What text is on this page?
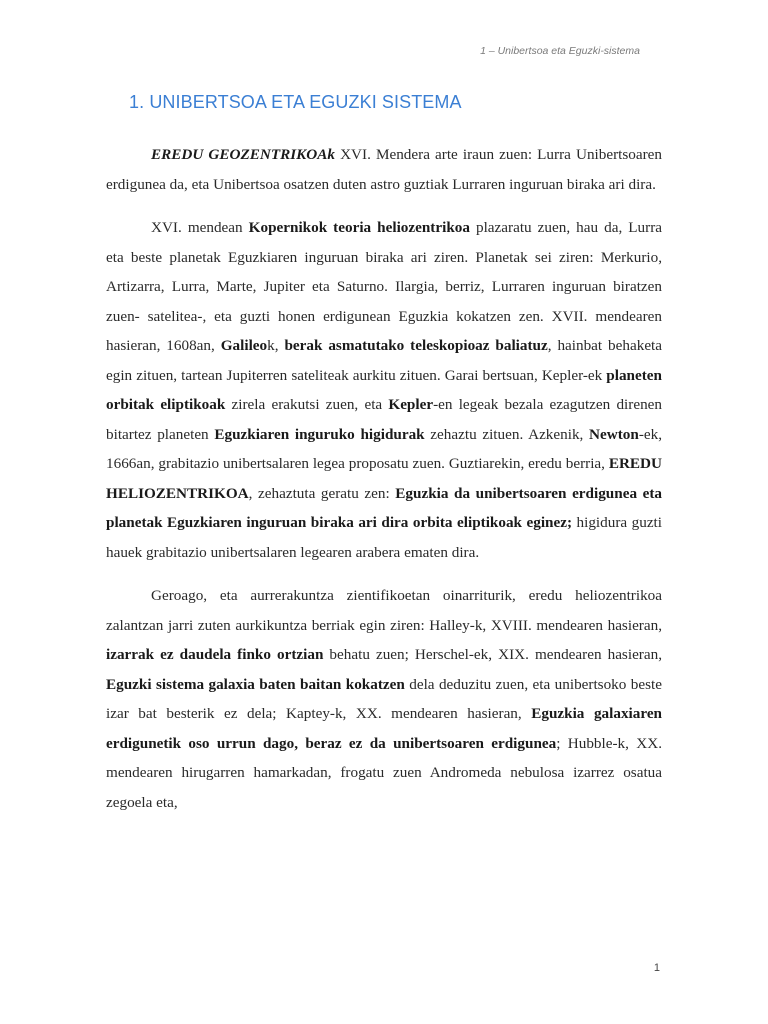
1 – Unibertsoa eta Eguzki-sistema
1. UNIBERTSOA ETA EGUZKI SISTEMA

EREDU GEOZENTRIKOAk XVI. Mendera arte iraun zuen: Lurra Unibertsoaren erdigunea da, eta Unibertsoa osatzen duten astro guztiak Lurraren inguruan biraka ari dira.

XVI. mendean Kopernikok teoria heliozentrikoa plazaratu zuen, hau da, Lurra eta beste planetak Eguzkiaren inguruan biraka ari ziren. Planetak sei ziren: Merkurio, Artizarra, Lurra, Marte, Jupiter eta Saturno. Ilargia, berriz, Lurraren inguruan biratzen zuen- satelitea-, eta guzti honen erdigunean Eguzkia kokatzen zen. XVII. mendearen hasieran, 1608an, Galileok, berak asmatutako teleskopioaz baliatuz, hainbat behaketa egin zituen, tartean Jupiterren sateliteak aurkitu zituen. Garai bertsuan, Kepler-ek planeten orbitak eliptikoak zirela erakutsi zuen, eta Kepler-en legeak bezala ezagutzen direnen bitartez planeten Eguzkiaren inguruko higidurak zehaztu zituen. Azkenik, Newton-ek, 1666an, grabitazio unibertsalaren legea proposatu zuen. Guztiarekin, eredu berria, EREDU HELIOZENTRIKOA, zehaztuta geratu zen: Eguzkia da unibertsoaren erdigunea eta planetak Eguzkiaren inguruan biraka ari dira orbita eliptikoak eginez; higidura guzti hauek grabitazio unibertsalaren legearen arabera ematen dira.

Geroago, eta aurrerakuntza zientifikoetan oinarriturik, eredu heliozentrikoa zalantzan jarri zuten aurkikuntza berriak egin ziren: Halley-k, XVIII. mendearen hasieran, izarrak ez daudela finko ortzian behatu zuen; Herschel-ek, XIX. mendearen hasieran, Eguzki sistema galaxia baten baitan kokatzen dela deduzitu zuen, eta unibertsoko beste izar bat besterik ez dela; Kaptey-k, XX. mendearen hasieran, Eguzkia galaxiaren erdigunetik oso urrun dago, beraz ez da unibertsoaren erdigunea; Hubble-k, XX. mendearen hirugarren hamarkadan, frogatu zuen Andromeda nebulosa izarrez osatua zegoela eta,

1
